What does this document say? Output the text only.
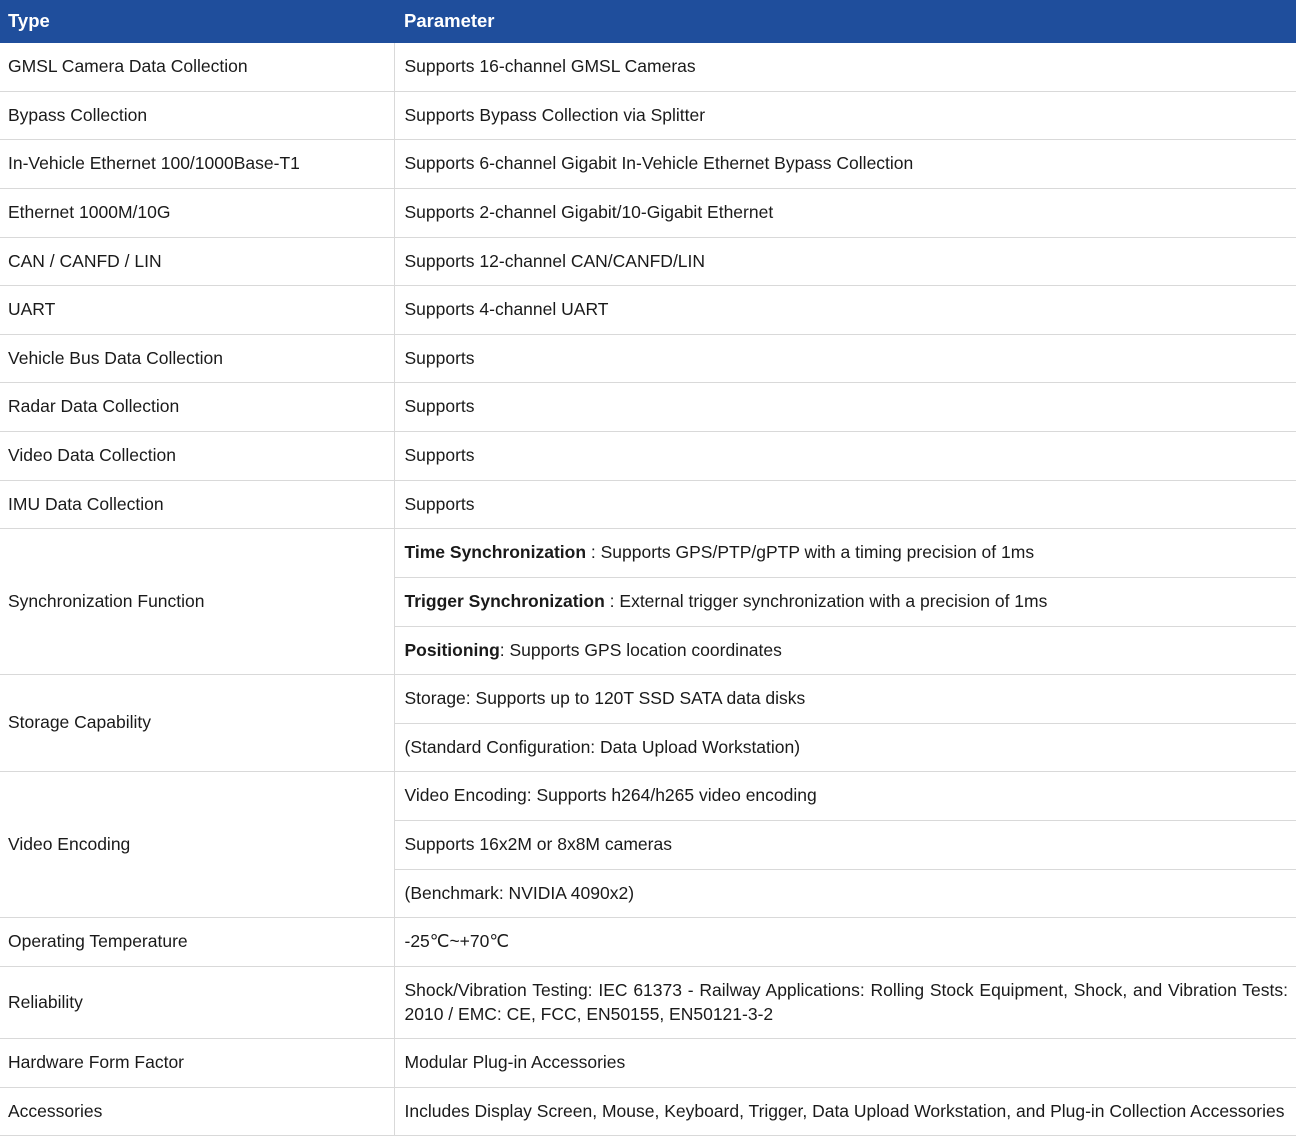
Type	Parameter
GMSL Camera Data Collection	Supports 16-channel GMSL Cameras
Bypass Collection	Supports Bypass Collection via Splitter
In-Vehicle Ethernet 100/1000Base-T1	Supports 6-channel Gigabit In-Vehicle Ethernet Bypass Collection
Ethernet 1000M/10G	Supports 2-channel Gigabit/10-Gigabit Ethernet
CAN / CANFD / LIN	Supports 12-channel CAN/CANFD/LIN
UART	Supports 4-channel UART
Vehicle Bus Data Collection	Supports
Radar Data Collection	Supports
Video Data Collection	Supports
IMU Data Collection	Supports
Synchronization Function	Time Synchronization : Supports GPS/PTP/gPTP with a timing precision of 1ms
	Trigger Synchronization : External trigger synchronization with a precision of 1ms
	Positioning: Supports GPS location coordinates
Storage Capability	Storage: Supports up to 120T SSD SATA data disks
	(Standard Configuration: Data Upload Workstation)
Video Encoding	Video Encoding: Supports h264/h265 video encoding
	Supports 16x2M or 8x8M cameras
	(Benchmark: NVIDIA 4090x2)
Operating Temperature	-25℃~+70℃
Reliability	Shock/Vibration Testing: IEC 61373 - Railway Applications: Rolling Stock Equipment, Shock, and Vibration Tests: 2010 / EMC: CE, FCC, EN50155, EN50121-3-2
Hardware Form Factor	Modular Plug-in Accessories
Accessories	Includes Display Screen, Mouse, Keyboard, Trigger, Data Upload Workstation, and Plug-in Collection Accessories
